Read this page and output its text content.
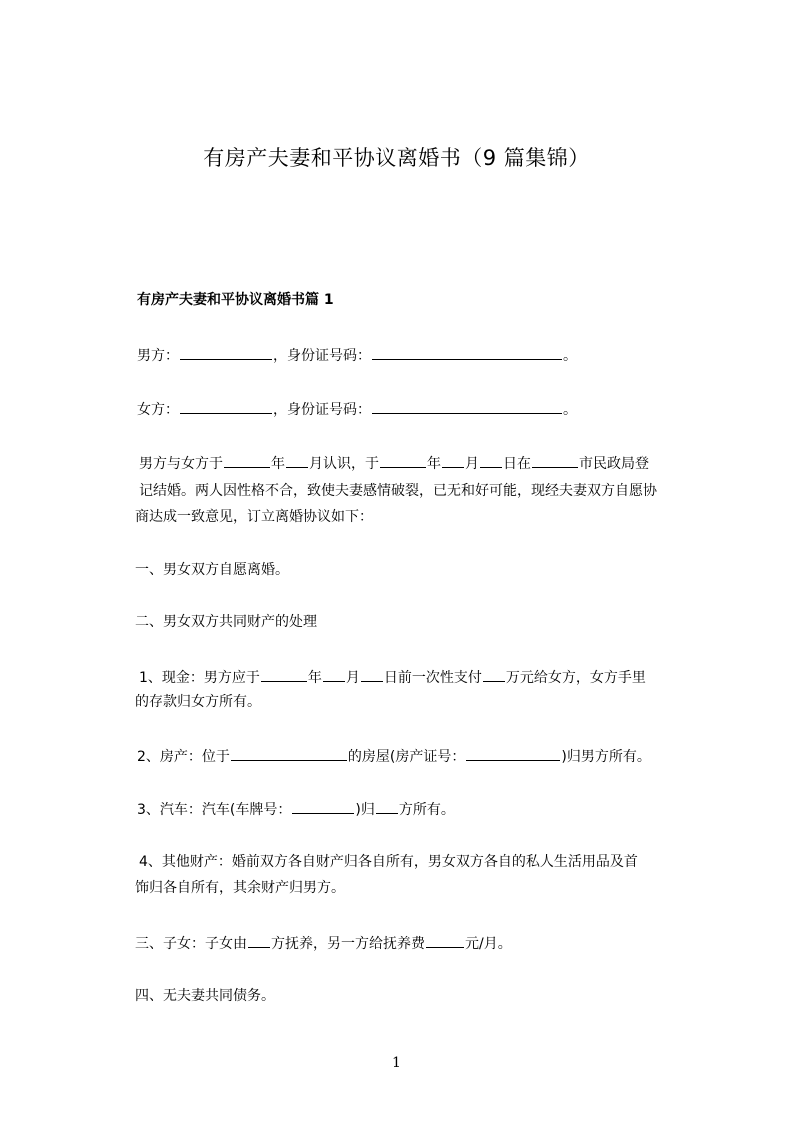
有房产夫妻和平协议离婚书（9 篇集锦）
有房产夫妻和平协议离婚书篇 1
男方：	，身份证号码：	。
女方：	，身份证号码：	。
男方与女方于	年 月认识，于	年 月 日在	市民政局登
记结婚。两人因性格不合，致使夫妻感情破裂，已无和好可能，现经夫妻双方自愿协
商达成一致意见，订立离婚协议如下：
一、男女双方自愿离婚。
二、男女双方共同财产的处理
1、现金：男方应于	年 月 日前一次性支付 万元给女方，女方手里
的存款归女方所有。
2、房产：位于	的房屋(房产证号：	)归男方所有。
3、汽车：汽车(车牌号：	)归 方所有。
4、其他财产：婚前双方各自财产归各自所有，男女双方各自的私人生活用品及首
饰归各自所有，其余财产归男方。
三、子女：子女由 方抚养，另一方给抚养费	元/月。
四、无夫妻共同债务。
1
